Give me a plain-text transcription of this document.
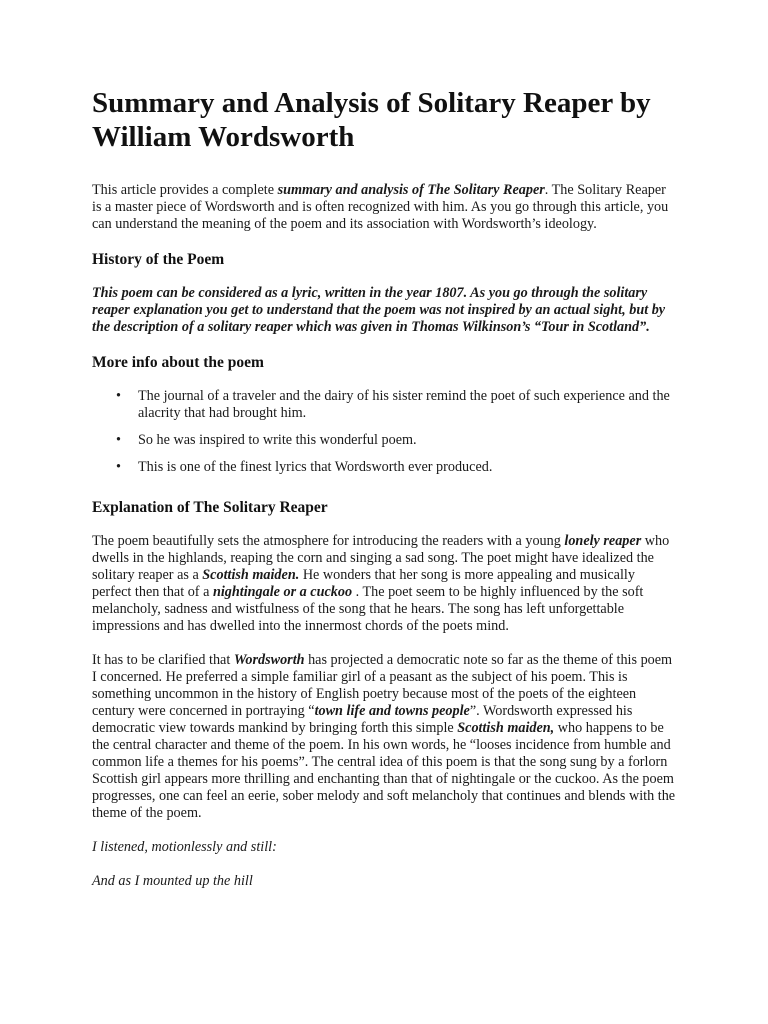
Summary and Analysis of Solitary Reaper by William Wordsworth

This article provides a complete summary and analysis of The Solitary Reaper. The Solitary Reaper is a master piece of Wordsworth and is often recognized with him. As you go through this article, you can understand the meaning of the poem and its association with Wordsworth’s ideology.

History of the Poem

This poem can be considered as a lyric, written in the year 1807. As you go through the solitary reaper explanation you get to understand that the poem was not inspired by an actual sight, but by the description of a solitary reaper which was given in Thomas Wilkinson’s “Tour in Scotland”.

More info about the poem
• The journal of a traveler and the dairy of his sister remind the poet of such experience and the alacrity that had brought him.
• So he was inspired to write this wonderful poem.
• This is one of the finest lyrics that Wordsworth ever produced.
Explanation of The Solitary Reaper

The poem beautifully sets the atmosphere for introducing the readers with a young lonely reaper who dwells in the highlands, reaping the corn and singing a sad song. The poet might have idealized the solitary reaper as a Scottish maiden. He wonders that her song is more appealing and musically perfect then that of a nightingale or a cuckoo . The poet seem to be highly influenced by the soft melancholy, sadness and wistfulness of the song that he hears. The song has left unforgettable impressions and has dwelled into the innermost chords of the poets mind.

It has to be clarified that Wordsworth has projected a democratic note so far as the theme of this poem I concerned. He preferred a simple familiar girl of a peasant as the subject of his poem. This is something uncommon in the history of English poetry because most of the poets of the eighteen century were concerned in portraying “town life and towns people”. Wordsworth expressed his democratic view towards mankind by bringing forth this simple Scottish maiden, who happens to be the central character and theme of the poem. In his own words, he “looses incidence from humble and common life a themes for his poems”. The central idea of this poem is that the song sung by a forlorn Scottish girl appears more thrilling and enchanting than that of nightingale or the cuckoo. As the poem progresses, one can feel an eerie, sober melody and soft melancholy that continues and blends with the theme of the poem.

I listened, motionlessly and still:

And as I mounted up the hill
